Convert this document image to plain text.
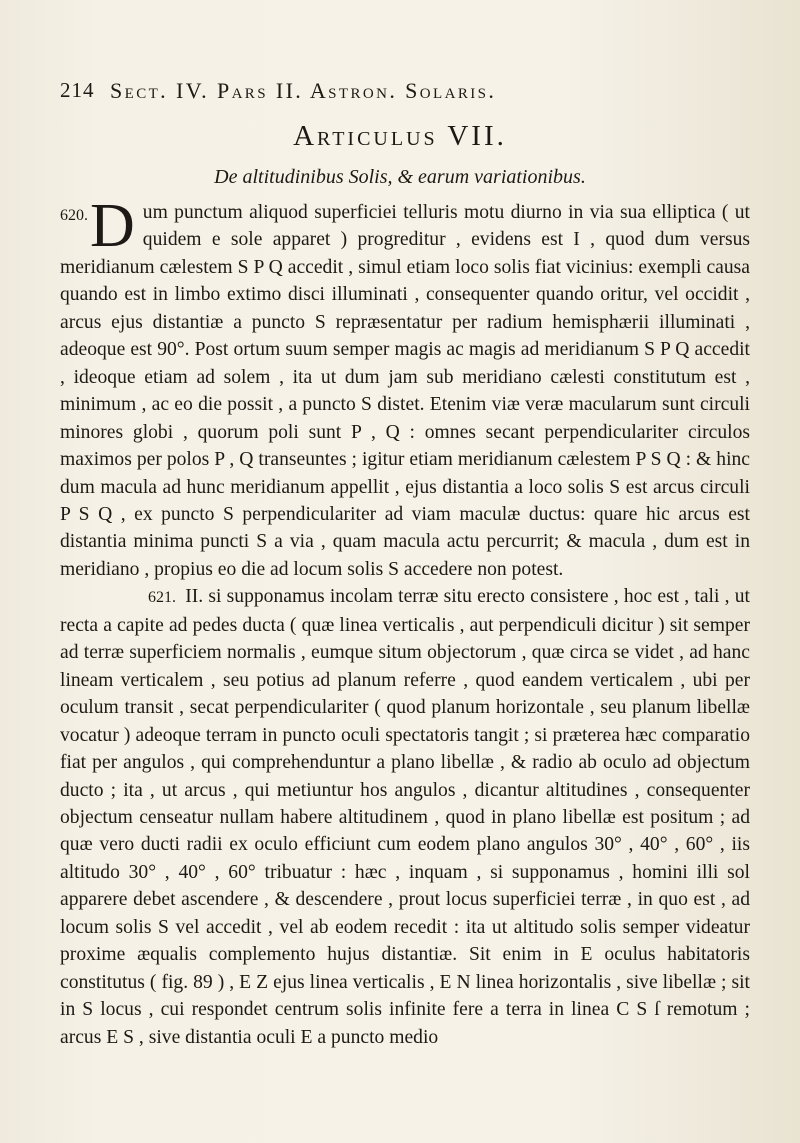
214 Sect. IV. Pars II. Astron. Solaris.
Articulus VII.
De altitudinibus Solis, & earum variationibus.

620. D um punctum aliquod superficiei telluris motu diurno in via sua elliptica ( ut quidem e sole apparet ) progreditur , evidens est I , quod dum versus meridianum cælestem S P Q accedit , simul etiam loco solis fiat vicinius: exempli causa quando est in limbo extimo disci illuminati , consequenter quando oritur, vel occidit , arcus ejus distantiæ a puncto S repræsentatur per radium hemisphærii illuminati , adeoque est 90°. Post ortum suum semper magis ac magis ad meridianum S P Q accedit , ideoque etiam ad solem , ita ut dum jam sub meridiano cælesti constitutum est , minimum , ac eo die possit , a puncto S distet. Etenim viæ veræ macularum sunt circuli minores globi , quorum poli sunt P , Q : omnes secant perpendiculariter circulos maximos per polos P , Q transeuntes ; igitur etiam meridianum cælestem P S Q : & hinc dum macula ad hunc meridianum appellit , ejus distantia a loco solis S est arcus circuli P S Q , ex puncto S perpendiculariter ad viam maculæ ductus: quare hic arcus est distantia minima puncti S a via , quam macula actu percurrit; & macula , dum est in meridiano , propius eo die ad locum solis S accedere non potest.

621. II. si supponamus incolam terræ situ erecto consistere , hoc est , tali , ut recta a capite ad pedes ducta ( quæ linea verticalis , aut perpendiculi dicitur ) sit semper ad terræ superficiem normalis , eumque situm objectorum , quæ circa se videt , ad hanc lineam verticalem , seu potius ad planum referre , quod eandem verticalem , ubi per oculum transit , secat perpendiculariter ( quod planum horizontale , seu planum libellæ vocatur ) adeoque terram in puncto oculi spectatoris tangit ; si præterea hæc comparatio fiat per angulos , qui comprehenduntur a plano libellæ , & radio ab oculo ad objectum ducto ; ita , ut arcus , qui metiuntur hos angulos , dicantur altitudines , consequenter objectum censeatur nullam habere altitudinem , quod in plano libellæ est positum ; ad quæ vero ducti radii ex oculo efficiunt cum eodem plano angulos 30° , 40° , 60° , iis altitudo 30° , 40° , 60° tribuatur : hæc , inquam , si supponamus , homini illi sol apparere debet ascendere , & descendere , prout locus superficiei terræ , in quo est , ad locum solis S vel accedit , vel ab eodem recedit : ita ut altitudo solis semper videatur proxime æqualis complemento hujus distantiæ. Sit enim in E oculus habitatoris constitutus ( fig. 89 ) , E Z ejus linea verticalis , E N linea horizontalis , sive libellæ ; sit in S locus , cui respondet centrum solis infinite fere a terra in linea C S ſ remotum ; arcus E S , sive distantia oculi E a puncto medio
